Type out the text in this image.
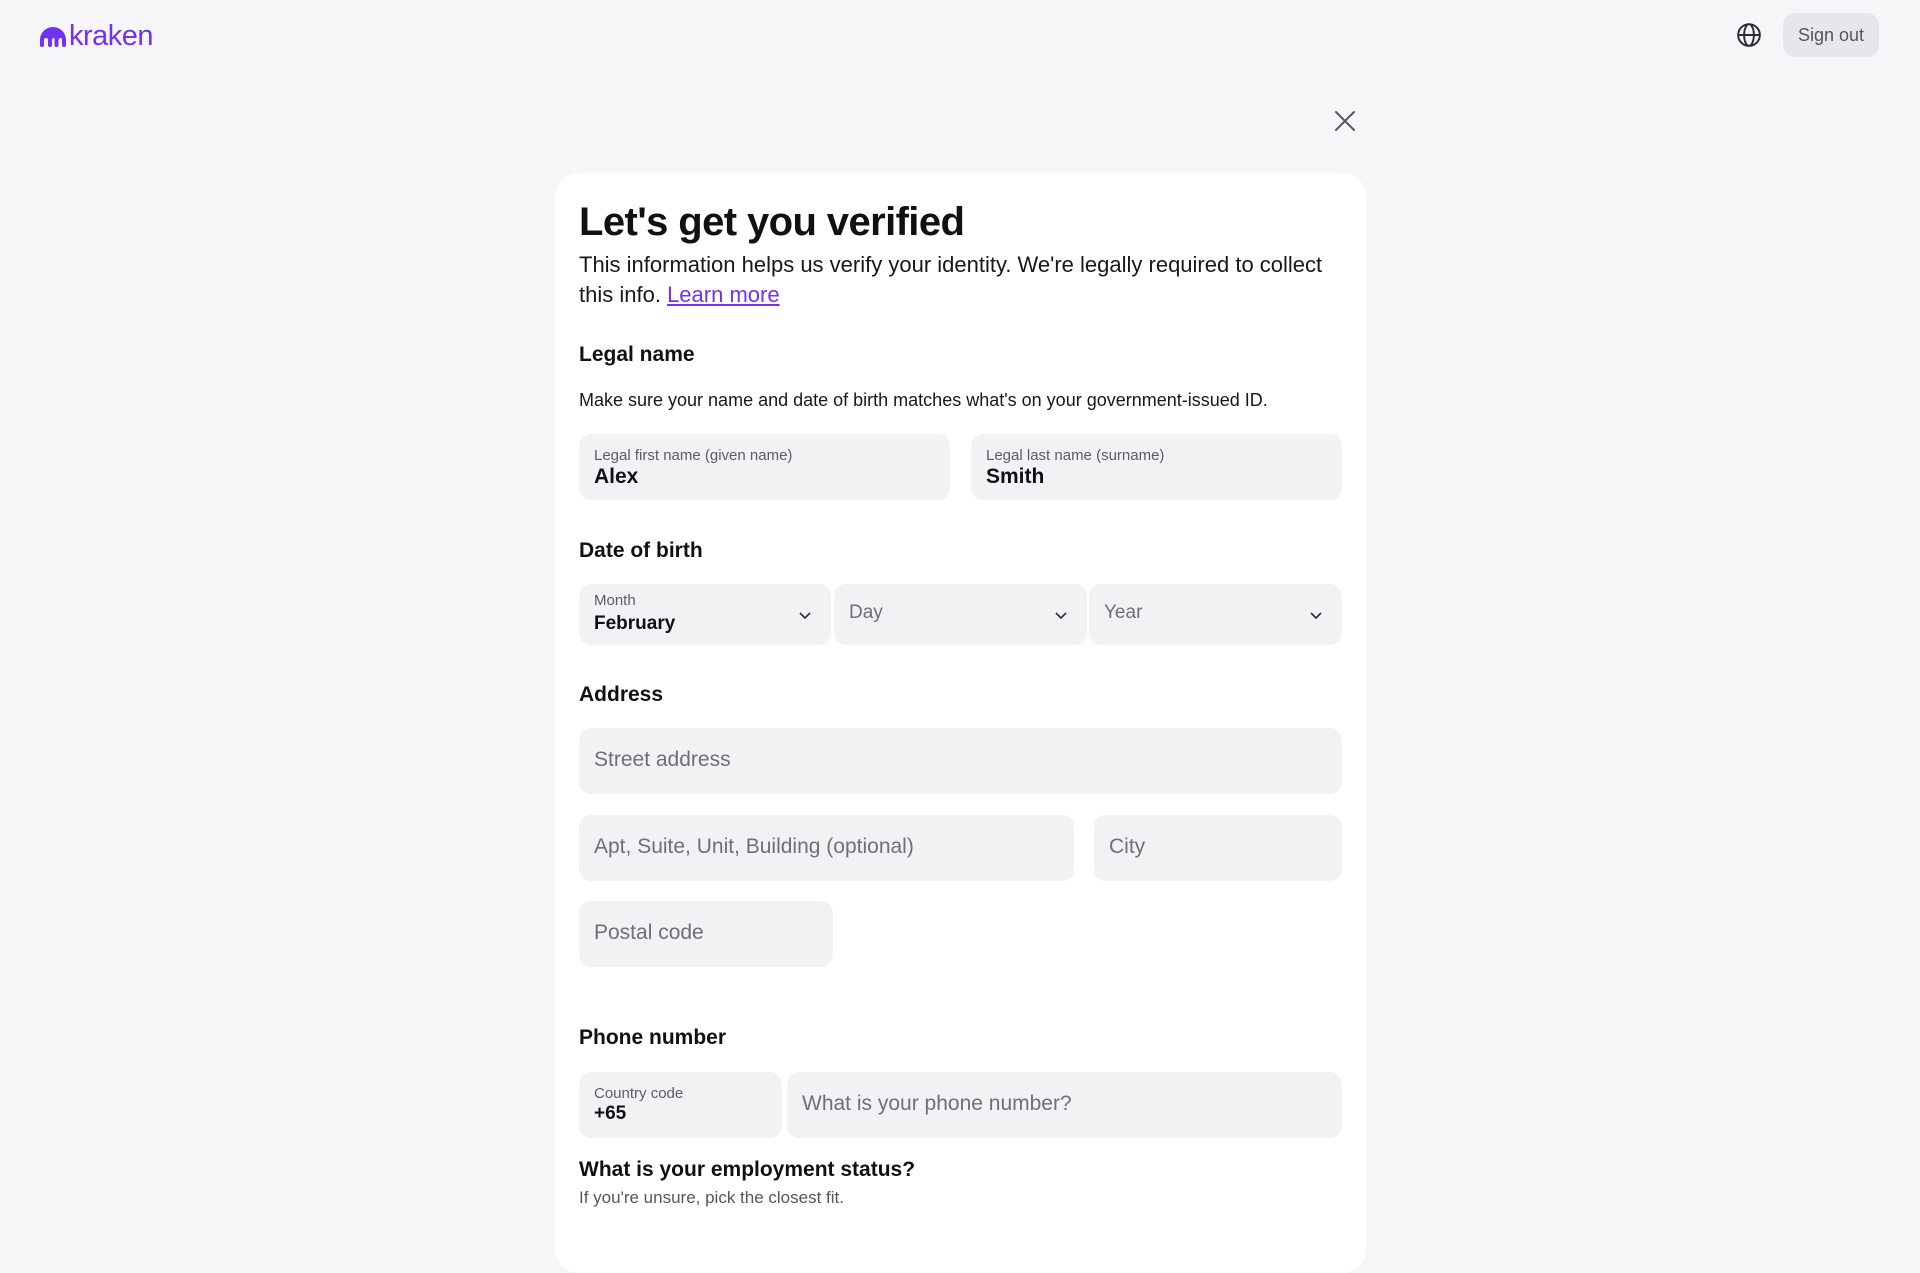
kraken	Sign out
Let's get you verified

This information helps us verify your identity. We're legally required to collect this info. Learn more

Legal name

Make sure your name and date of birth matches what's on your government-issued ID.

Legal first name (given name)
Alex
Legal last name (surname)
Smith
Date of birth
Month
February
Day	Year
Address
Street address
Apt, Suite, Unit, Building (optional)	City
Postal code
Phone number
Country code
+65	What is your phone number?
What is your employment status?

If you're unsure, pick the closest fit.
